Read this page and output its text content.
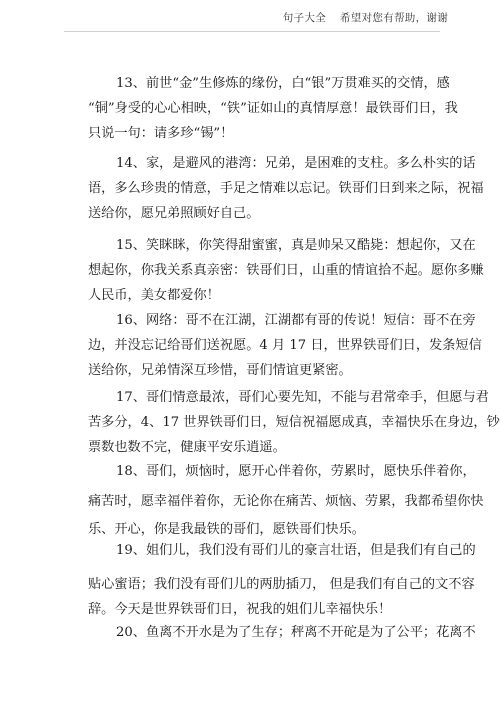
句子大全 希望对您有帮助，谢谢
13、前世“金”生修炼的缘份，白“银”万贯难买的交情，感
“铜”身受的心心相映，“铁”证如山的真情厚意！最铁哥们日，我
只说一句：请多珍“锡”！
14、家，是避风的港湾：兄弟，是困难的支柱。多么朴实的话
语，多么珍贵的情意，手足之情难以忘记。铁哥们日到来之际，祝福
送给你，愿兄弟照顾好自己。
15、笑眯眯，你笑得甜蜜蜜，真是帅呆又酷毙：想起你，又在
想起你，你我关系真亲密：铁哥们日，山重的情谊拾不起。愿你多赚
人民币，美女都爱你！
16、网络：哥不在江湖，江湖都有哥的传说！短信：哥不在旁
边，并没忘记给哥们送祝愿。4 月 17 日，世界铁哥们日，发条短信
送给你，兄弟情深互珍惜，哥们情谊更紧密。
17、哥们情意最浓，哥们心要先知，不能与君常牵手，但愿与君
苦多分，4、17 世界铁哥们日，短信祝福愿成真，幸福快乐在身边，钞
票数也数不完，健康平安乐逍遥。
18、哥们，烦恼时，愿开心伴着你，劳累时，愿快乐伴着你，
痛苦时，愿幸福伴着你，无论你在痛苦、烦恼、劳累，我都希望你快
乐、开心，你是我最铁的哥们，愿铁哥们快乐。
19、姐们儿，我们没有哥们儿的豪言壮语，但是我们有自己的
贴心蜜语；我们没有哥们儿的两肋插刀， 但是我们有自己的文不容
辞。今天是世界铁哥们日，祝我的姐们儿幸福快乐！
20、鱼离不开水是为了生存；秤离不开砣是为了公平；花离不
